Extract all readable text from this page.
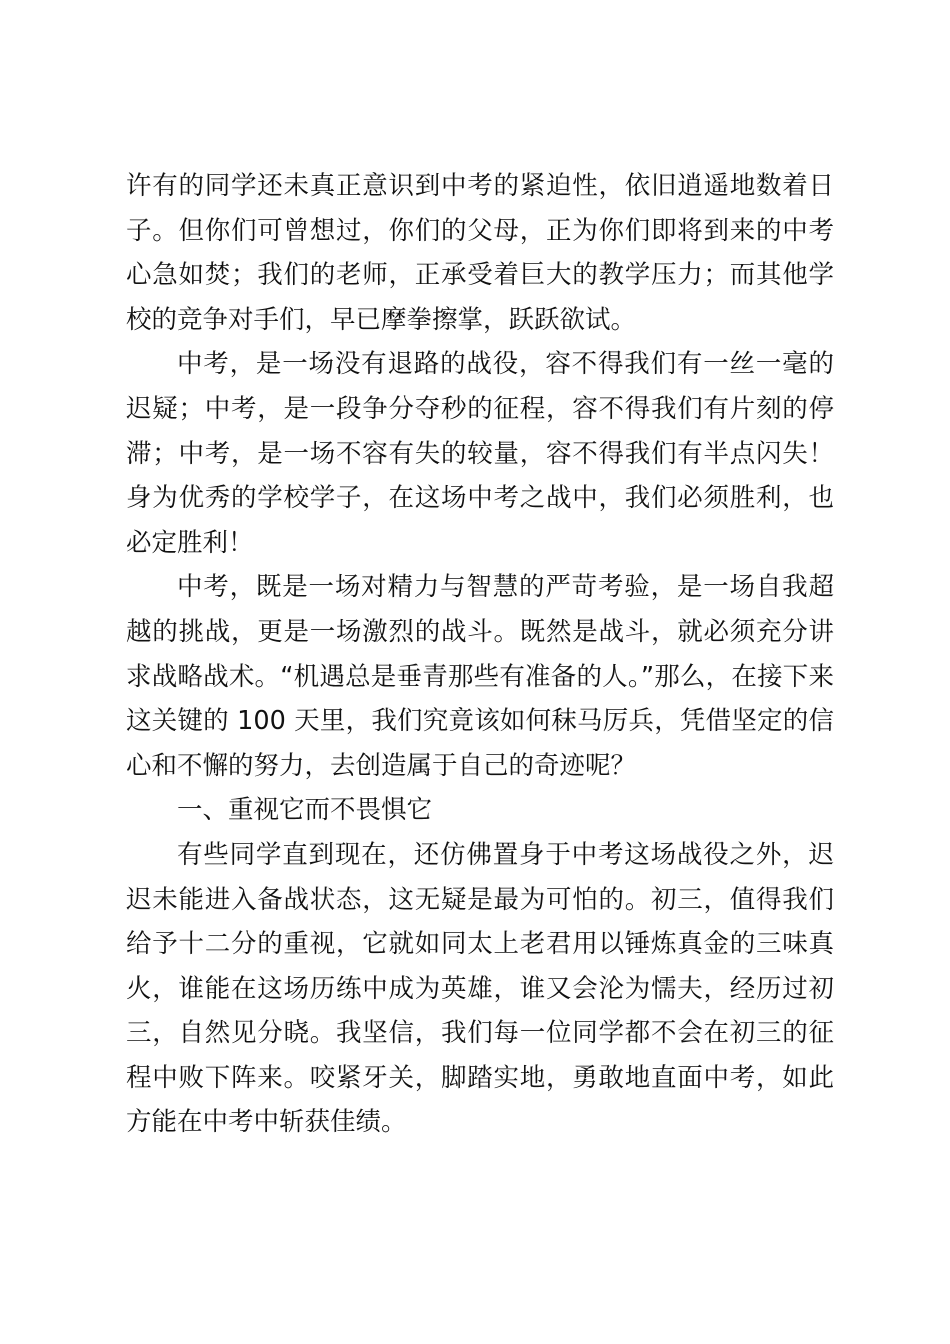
许有的同学还未真正意识到中考的紧迫性，依旧逍遥地数着日子。但你们可曾想过，你们的父母，正为你们即将到来的中考心急如焚；我们的老师，正承受着巨大的教学压力；而其他学校的竞争对手们，早已摩拳擦掌，跃跃欲试。

中考，是一场没有退路的战役，容不得我们有一丝一毫的迟疑；中考，是一段争分夺秒的征程，容不得我们有片刻的停滞；中考，是一场不容有失的较量，容不得我们有半点闪失！身为优秀的学校学子，在这场中考之战中，我们必须胜利，也必定胜利！

中考，既是一场对精力与智慧的严苛考验，是一场自我超越的挑战，更是一场激烈的战斗。既然是战斗，就必须充分讲求战略战术。“机遇总是垂青那些有准备的人。”那么，在接下来这关键的 100 天里，我们究竟该如何秣马厉兵，凭借坚定的信心和不懈的努力，去创造属于自己的奇迹呢？

一、重视它而不畏惧它

有些同学直到现在，还仿佛置身于中考这场战役之外，迟迟未能进入备战状态，这无疑是最为可怕的。初三，值得我们给予十二分的重视，它就如同太上老君用以锤炼真金的三味真火，谁能在这场历练中成为英雄，谁又会沦为懦夫，经历过初三，自然见分晓。我坚信，我们每一位同学都不会在初三的征程中败下阵来。咬紧牙关，脚踏实地，勇敢地直面中考，如此方能在中考中斩获佳绩。
